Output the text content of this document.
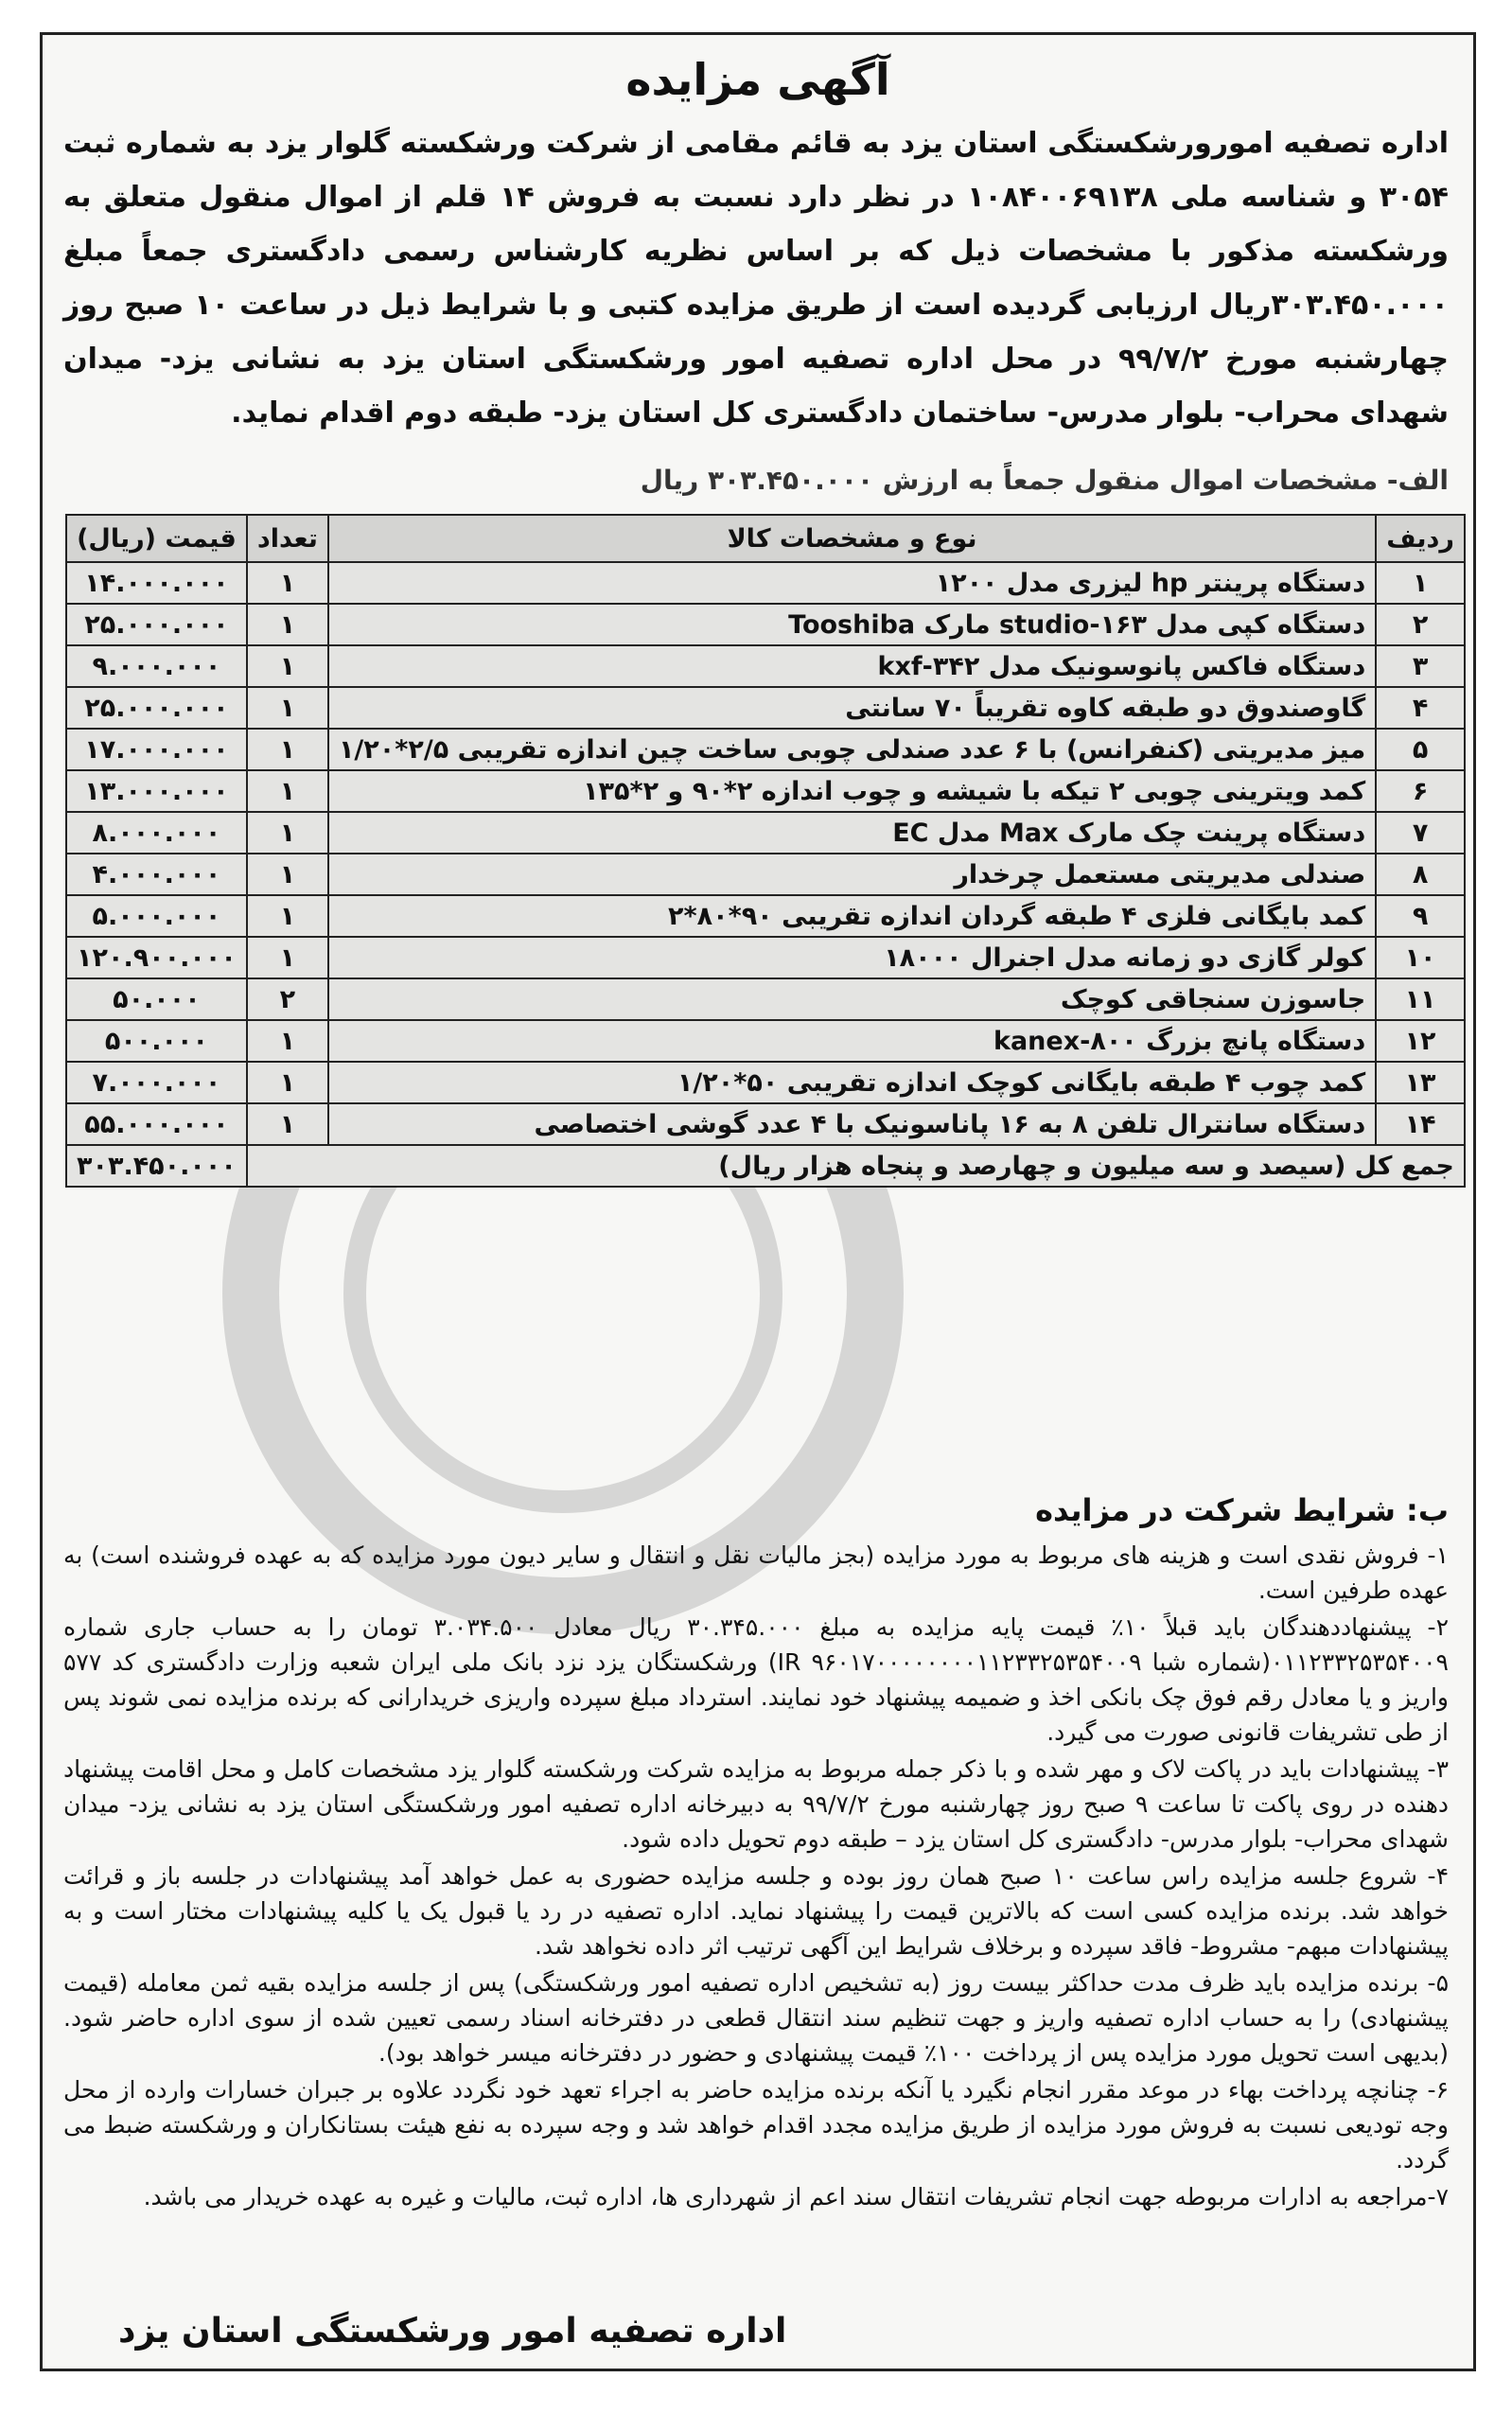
آگهی مزایده
اداره تصفیه امورورشکستگی استان یزد به قائم مقامی از شرکت ورشکسته گلوار یزد به شماره ثبت ۳۰۵۴ و شناسه ملی ۱۰۸۴۰۰۶۹۱۳۸ در نظر دارد نسبت به فروش ۱۴ قلم از اموال منقول متعلق به ورشکسته مذکور با مشخصات ذیل که بر اساس نظریه کارشناس رسمی دادگستری جمعاً مبلغ ۳۰۳.۴۵۰.۰۰۰ریال ارزیابی گردیده است از طریق مزایده کتبی و با شرایط ذیل در ساعت ۱۰ صبح روز چهارشنبه مورخ ۹۹/۷/۲ در محل اداره تصفیه امور ورشکستگی استان یزد به نشانی یزد- میدان شهدای محراب- بلوار مدرس- ساختمان دادگستری کل استان یزد- طبقه دوم اقدام نماید.
الف- مشخصات اموال منقول جمعاً به ارزش ۳۰۳.۴۵۰.۰۰۰ ریال
ردیف	نوع و مشخصات کالا	تعداد	قیمت (ریال)
۱	دستگاه پرینتر hp لیزری مدل ۱۲۰۰	۱	۱۴.۰۰۰.۰۰۰
۲	دستگاه کپی مدل ۱۶۳-studio مارک Tooshiba	۱	۲۵.۰۰۰.۰۰۰
۳	دستگاه فاکس پانوسونیک مدل ۳۴۲-kxf	۱	۹.۰۰۰.۰۰۰
۴	گاوصندوق دو طبقه کاوه تقریباً ۷۰ سانتی	۱	۲۵.۰۰۰.۰۰۰
۵	میز مدیریتی (کنفرانس) با ۶ عدد صندلی چوبی ساخت چین اندازه تقریبی ۲/۵*۱/۲۰	۱	۱۷.۰۰۰.۰۰۰
۶	کمد ویترینی چوبی ۲ تیکه با شیشه و چوب اندازه ۲*۹۰ و ۲*۱۳۵	۱	۱۳.۰۰۰.۰۰۰
۷	دستگاه پرینت چک مارک Max مدل EC	۱	۸.۰۰۰.۰۰۰
۸	صندلی مدیریتی مستعمل چرخدار	۱	۴.۰۰۰.۰۰۰
۹	کمد بایگانی فلزی ۴ طبقه گردان اندازه تقریبی ۹۰*۸۰*۲	۱	۵.۰۰۰.۰۰۰
۱۰	کولر گازی دو زمانه مدل اجنرال ۱۸۰۰۰	۱	۱۲۰.۹۰۰.۰۰۰
۱۱	جاسوزن سنجاقی کوچک	۲	۵۰.۰۰۰
۱۲	دستگاه پانچ بزرگ ۸۰۰-kanex	۱	۵۰۰.۰۰۰
۱۳	کمد چوب ۴ طبقه بایگانی کوچک اندازه تقریبی ۵۰*۱/۲۰	۱	۷.۰۰۰.۰۰۰
۱۴	دستگاه سانترال تلفن ۸ به ۱۶ پاناسونیک با ۴ عدد گوشی اختصاصی	۱	۵۵.۰۰۰.۰۰۰
جمع کل (سیصد و سه میلیون و چهارصد و پنجاه هزار ریال)			۳۰۳.۴۵۰.۰۰۰
ب: شرایط شرکت در مزایده

۱- فروش نقدی است و هزینه های مربوط به مورد مزایده (بجز مالیات نقل و انتقال و سایر دیون مورد مزایده که به عهده فروشنده است) به عهده طرفین است.

۲- پیشنهاددهندگان باید قبلاً ۱۰٪ قیمت پایه مزایده به مبلغ ۳۰.۳۴۵.۰۰۰ ریال معادل ۳.۰۳۴.۵۰۰ تومان را به حساب جاری شماره ۰۱۱۲۳۳۲۵۳۵۴۰۰۹(شماره شبا IR ۹۶۰۱۷۰۰۰۰۰۰۰۰۱۱۲۳۳۲۵۳۵۴۰۰۹) ورشکستگان یزد نزد بانک ملی ایران شعبه وزارت دادگستری کد ۵۷۷ واریز و یا معادل رقم فوق چک بانکی اخذ و ضمیمه پیشنهاد خود نمایند. استرداد مبلغ سپرده واریزی خریدارانی که برنده مزایده نمی شوند پس از طی تشریفات قانونی صورت می گیرد.

۳- پیشنهادات باید در پاکت لاک و مهر شده و با ذکر جمله مربوط به مزایده شرکت ورشکسته گلوار یزد مشخصات کامل و محل اقامت پیشنهاد دهنده در روی پاکت تا ساعت ۹ صبح روز چهارشنبه مورخ ۹۹/۷/۲ به دبیرخانه اداره تصفیه امور ورشکستگی استان یزد به نشانی یزد- میدان شهدای محراب- بلوار مدرس- دادگستری کل استان یزد – طبقه دوم تحویل داده شود.

۴- شروع جلسه مزایده راس ساعت ۱۰ صبح همان روز بوده و جلسه مزایده حضوری به عمل خواهد آمد پیشنهادات در جلسه باز و قرائت خواهد شد. برنده مزایده کسی است که بالاترین قیمت را پیشنهاد نماید. اداره تصفیه در رد یا قبول یک یا کلیه پیشنهادات مختار است و به پیشنهادات مبهم- مشروط- فاقد سپرده و برخلاف شرایط این آگهی ترتیب اثر داده نخواهد شد.

۵- برنده مزایده باید ظرف مدت حداکثر بیست روز (به تشخیص اداره تصفیه امور ورشکستگی) پس از جلسه مزایده بقیه ثمن معامله (قیمت پیشنهادی) را به حساب اداره تصفیه واریز و جهت تنظیم سند انتقال قطعی در دفترخانه اسناد رسمی تعیین شده از سوی اداره حاضر شود. (بدیهی است تحویل مورد مزایده پس از پرداخت ۱۰۰٪ قیمت پیشنهادی و حضور در دفترخانه میسر خواهد بود).

۶- چنانچه پرداخت بهاء در موعد مقرر انجام نگیرد یا آنکه برنده مزایده حاضر به اجراء تعهد خود نگردد علاوه بر جبران خسارات وارده از محل وجه تودیعی نسبت به فروش مورد مزایده از طریق مزایده مجدد اقدام خواهد شد و وجه سپرده به نفع هیئت بستانکاران و ورشکسته ضبط می گردد.

۷-مراجعه به ادارات مربوطه جهت انجام تشریفات انتقال سند اعم از شهرداری ها، اداره ثبت، مالیات و غیره به عهده خریدار می باشد.

اداره تصفیه امور ورشکستگی استان یزد
